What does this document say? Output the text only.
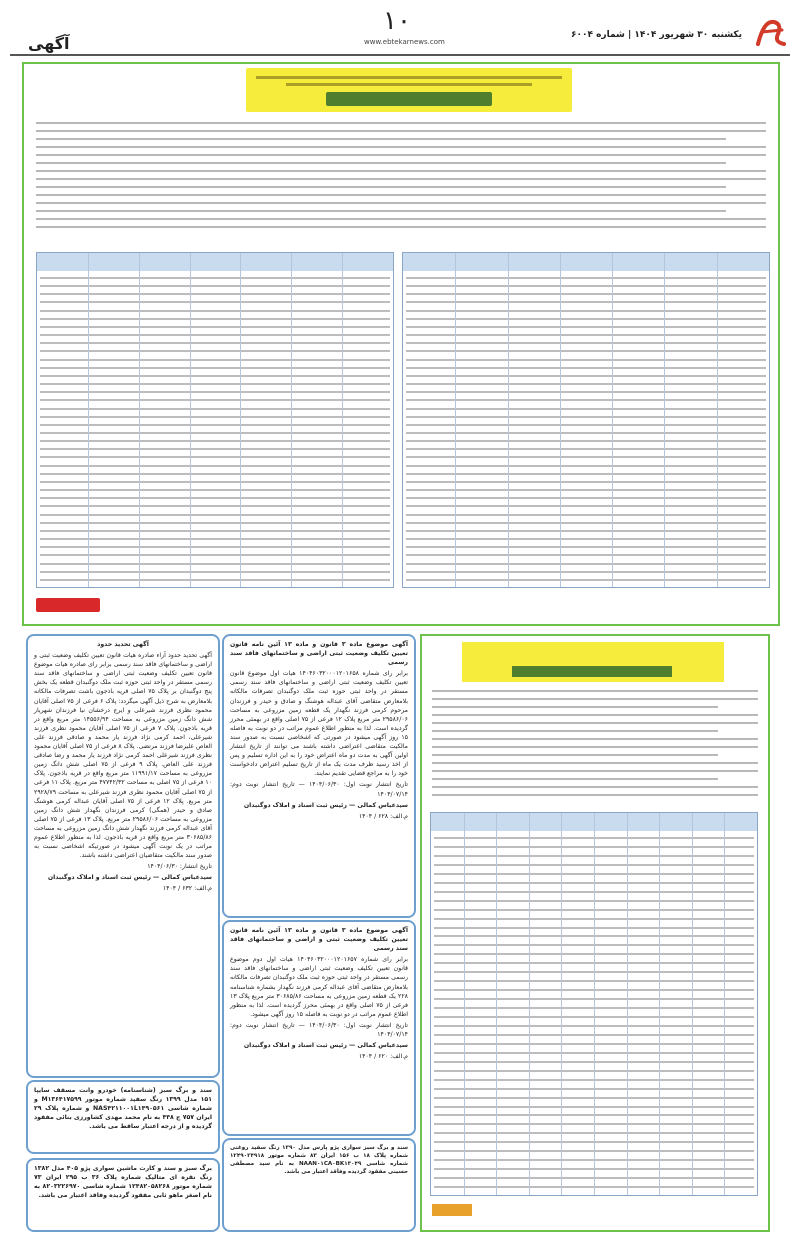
یکشنبه ۳۰ شهریور ۱۴۰۴ | شماره ۶۰۰۴
۱۰
www.ebtekarnews.com
آگهی

آگهی تحدید حدود

آگهی تحدید حدود آراء صادره هیات قانون تعیین تکلیف وضعیت ثبتی و اراضی و ساختمانهای فاقد سند رسمی برابر رای صادره هیات موضوع قانون تعیین تکلیف وضعیت ثبتی اراضی و ساختمانهای فاقد سند رسمی مستقر در واحد ثبتی حوزه ثبت ملک دوگنبدان قطعه یک بخش پنج دوگنبدان بر پلاک ۷۵ اصلی قریه باذجون باشت تصرفات مالکانه بلامعارض به شرح ذیل آگهی میگردد: پلاک ۶ فرعی از ۷۵ اصلی آقایان محمود نظری فرزند شیرعلی و ایرج درخشان نیا فرزندان شهریار شش دانگ زمین مزروعی به مساحت ۱۴۵۵۶/۹۴ متر مربع واقع در قریه باذجون. پلاک ۷ فرعی از ۷۵ اصلی آقایان محمود نظری فرزند شیرعلی، احمد کرمی نژاد فرزند یار محمد و صادقی فرزند علی العاص علیرضا فرزند مرتضی. پلاک ۸ فرعی از ۷۵ اصلی آقایان محمود نظری فرزند شیرعلی احمد کرمی نژاد فرزند یار محمد و رضا صادقی فرزند علی العاص. پلاک ۹ فرعی از ۷۵ اصلی شش دانگ زمین مزروعی به مساحت ۱۱۹۹۱/۱۷ متر مربع واقع در قریه باذجون. پلاک ۱۰ فرعی از ۷۵ اصلی به مساحت ۴۷۷۴۲/۳۲ متر مربع. پلاک ۱۱ فرعی از ۷۵ اصلی آقایان محمود نظری فرزند شیرعلی به مساحت ۲۹۲۸/۷۹ متر مربع. پلاک ۱۲ فرعی از ۷۵ اصلی آقایان عبداله کرمی هوشنگ صادق و حیدر (همگی) کرمی فرزندان نگهدار شش دانگ زمین مزروعی به مساحت ۲۹۵۸۶/۰۶ متر مربع. پلاک ۱۳ فرعی از ۷۵ اصلی آقای عبداله کرمی فرزند نگهدار شش دانگ زمین مزروعی به مساحت ۳۰۶۸۵/۸۶ متر مربع واقع در قریه باذجون. لذا به منظور اطلاع عموم مراتب در یک نوبت آگهی میشود در صورتیکه اشخاصی نسبت به صدور سند مالکیت متقاضیان اعتراضی داشته باشند.

تاریخ انتشار: ۱۴۰۴/۰۶/۳۰

سیدعباس کمالی — رئیس ثبت اسناد و املاک دوگنبدان

م.الف: ۶۳۲ / ۱۴۰۴

سند و برگ سبز (شناسنامه) خودرو وانت مسقف سایپا ۱۵۱ مدل ۱۳۹۹ رنگ سفید شماره موتور M۱۳۶۴۱۷۵۹۹ و شماره شاسی NAS۴۲۱۱۰۰۱L۱۴۹۰۵۶۱ و شماره پلاک ۲۹ ایران ۷۵۷ ج ۴۴۸ به نام محمد مهدی کشاورزی بنائی مفقود گردیده و از درجه اعتبار ساقط می باشد.
برگ سبز و سند و کارت ماشین سواری پژو ۴۰۵ مدل ۱۳۸۲ رنگ نقره ای متالیک شماره پلاک ۳۶ ب ۲۹۵ ایران ۷۳ شماره موتور ۱۲۴۸۲۰۵۸۲۶۸ شماره شاسی ۸۲۰۳۲۲۶۹۷۰ به نام اصغر ماهو ثابی مفقود گردیده وفاقد اعتبار می باشد.

آگهی موضوع ماده ۳ قانون و ماده ۱۳ آئین نامه قانون تعیین تکلیف وضعیت ثبتی اراضی و ساختمانهای فاقد سند رسمی

برابر رای شماره ۱۴۰۴۶۰۳۲۰۰۰۱۲۰۱۶۵۸ هیات اول موضوع قانون تعیین تکلیف وضعیت ثبتی اراضی و ساختمانهای فاقد سند رسمی مستقر در واحد ثبتی حوزه ثبت ملک دوگنبدان تصرفات مالکانه بلامعارض متقاضی آقای عبداله هوشنگ و صادق و حیدر و فرزندان مرحوم کرمی فرزند نگهدار یک قطعه زمین مزروعی به مساحت ۲۹۵۸۶/۰۶ متر مربع پلاک ۱۲ فرعی از ۷۵ اصلی واقع در بهمئی محرز گردیده است. لذا به منظور اطلاع عموم مراتب در دو نوبت به فاصله ۱۵ روز آگهی میشود در صورتی که اشخاصی نسبت به صدور سند مالکیت متقاضی اعتراضی داشته باشند می توانند از تاریخ انتشار اولین آگهی به مدت دو ماه اعتراض خود را به این اداره تسلیم و پس از اخذ رسید ظرف مدت یک ماه از تاریخ تسلیم اعتراض دادخواست خود را به مراجع قضایی تقدیم نمایند.

تاریخ انتشار نوبت اول: ۱۴۰۴/۰۶/۳۰ — تاریخ انتشار نوبت دوم: ۱۴۰۴/۰۷/۱۴

سیدعباس کمالی — رئیس ثبت اسناد و املاک دوگنبدان

م.الف: ۶۲۸ / ۱۴۰۴

آگهی موضوع ماده ۳ قانون و ماده ۱۳ آئین نامه قانون تعیین تکلیف وضعیت ثبتی و اراضی و ساختمانهای فاقد سند رسمی

برابر رای شماره ۱۴۰۴۶۰۳۲۰۰۰۱۲۰۱۶۵۷ هیات اول دوم موضوع قانون تعیین تکلیف وضعیت ثبتی اراضی و ساختمانهای فاقد سند رسمی مستقر در واحد ثبتی حوزه ثبت ملک دوگنبدان تصرفات مالکانه بلامعارض متقاضی آقای عبداله کرمی فرزند نگهدار بشماره شناسنامه ۲۲۸ یک قطعه زمین مزروعی به مساحت ۳۰۶۸۵/۸۶ متر مربع پلاک ۱۳ فرعی از ۷۵ اصلی واقع در بهمئی محرز گردیده است. لذا به منظور اطلاع عموم مراتب در دو نوبت به فاصله ۱۵ روز آگهی میشود.

تاریخ انتشار نوبت اول: ۱۴۰۴/۰۶/۳۰ — تاریخ انتشار نوبت دوم: ۱۴۰۴/۰۷/۱۴

سیدعباس کمالی — رئیس ثبت اسناد و املاک دوگنبدان

م.الف: ۶۲۰ / ۱۴۰۴

سند و برگ سبز سواری پژو پارس مدل ۱۳۹۰ رنگ سفید روغنی شماره پلاک ۱۸ ب ۱۵۶ ایران ۸۳ شماره موتور ۱۲۴۹۰۲۴۹۱۸ شماره شاسی NAAN۰۱CA۰BK۱۳۰۴۹ به نام سید مصطفی حسینی مفقود گردیده وفاقد اعتبار می باشد.
